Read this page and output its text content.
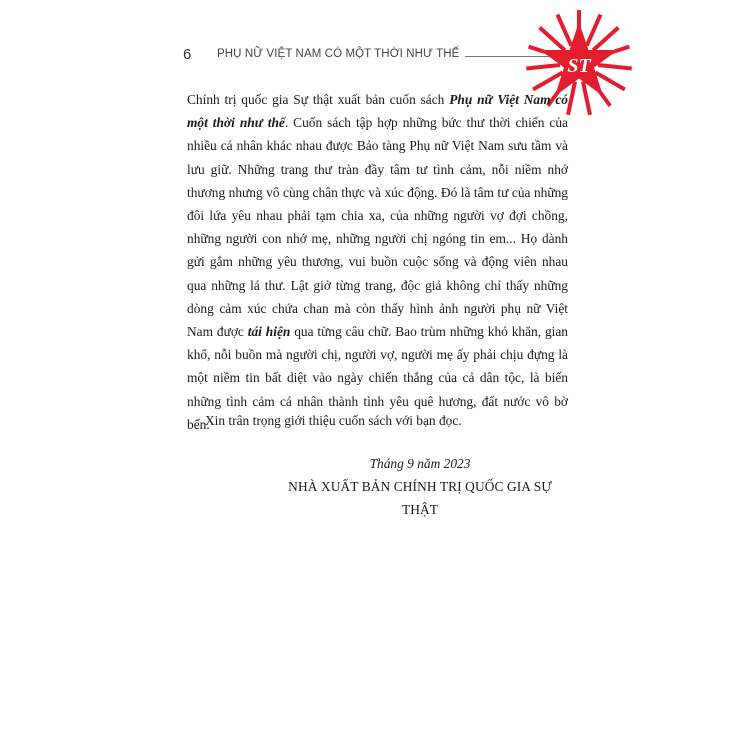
6	PHỤ NỮ VIỆT NAM CÓ MỘT THỜI NHƯ THẾ
ST

Chính trị quốc gia Sự thật xuất bản cuốn sách Phụ nữ Việt Nam có một thời như thế. Cuốn sách tập hợp những bức thư thời chiến của nhiều cá nhân khác nhau được Bảo tàng Phụ nữ Việt Nam sưu tầm và lưu giữ. Những trang thư tràn đầy tâm tư tình cảm, nỗi niềm nhớ thương nhưng vô cùng chân thực và xúc động. Đó là tâm tư của những đôi lứa yêu nhau phải tạm chia xa, của những người vợ đợi chồng, những người con nhớ mẹ, những người chị ngóng tin em... Họ dành gửi gắm những yêu thương, vui buồn cuộc sống và động viên nhau qua những lá thư. Lật giở từng trang, độc giả không chỉ thấy những dòng cảm xúc chứa chan mà còn thấy hình ảnh người phụ nữ Việt Nam được tái hiện qua từng câu chữ. Bao trùm những khó khăn, gian khổ, nỗi buồn mà người chị, người vợ, người mẹ ấy phải chịu đựng là một niềm tin bất diệt vào ngày chiến thắng của cả dân tộc, là biến những tình cảm cá nhân thành tình yêu quê hương, đất nước vô bờ bến.

Xin trân trọng giới thiệu cuốn sách với bạn đọc.

Tháng 9 năm 2023
NHÀ XUẤT BẢN CHÍNH TRỊ QUỐC GIA SỰ THẬT
